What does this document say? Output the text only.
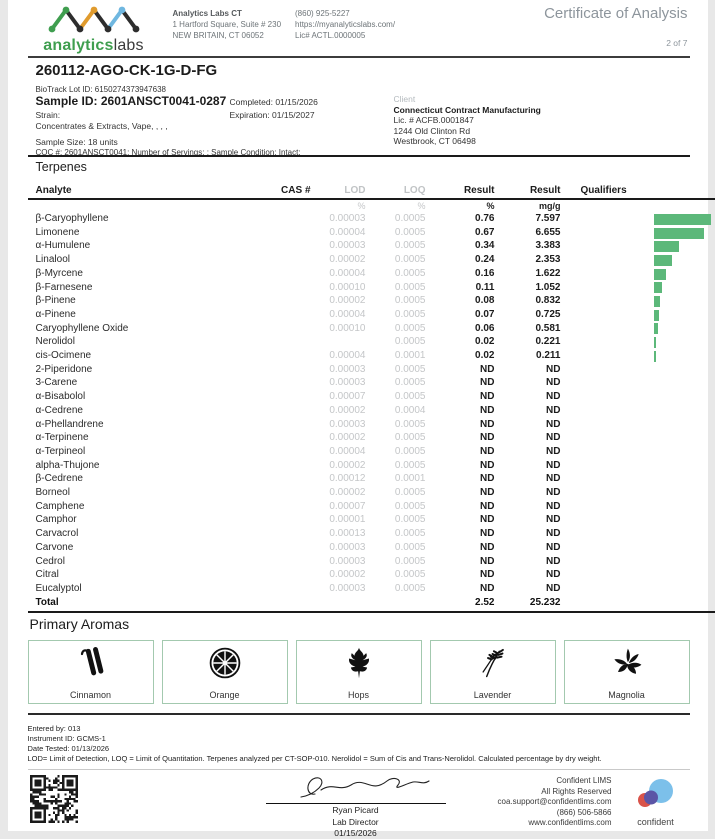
analyticslabs
Analytics Labs CT
1 Hartford Square, Suite # 230
NEW BRITAIN, CT 06052
(860) 925-5227
https://myanalyticslabs.com/
Lic# ACTL.0000005
Certificate of Analysis
2 of 7
260112-AGO-CK-1G-D-FG
BioTrack Lot ID: 6150274373947638
Sample ID: 2601ANSCT0041-0287 Completed: 01/15/2026
Expiration: 01/15/2027
Strain:
Concentrates & Extracts, Vape, , , ,
Sample Size: 18 units
COC #: 2601ANSCT0041; Number of Servings: ; Sample Condition: Intact;
Client
Connecticut Contract Manufacturing
Lic. # ACFB.0001847
1244 Old Clinton Rd
Westbrook, CT 06498
Terpenes
Analyte	CAS #	LOD	LOQ	Result	Result	Qualifiers	
		%	%	%	mg/g		
β-Caryophyllene		0.00003	0.0005	0.76	7.597		

Limonene		0.00004	0.0005	0.67	6.655		

α-Humulene		0.00003	0.0005	0.34	3.383		

Linalool		0.00002	0.0005	0.24	2.353		

β-Myrcene		0.00004	0.0005	0.16	1.622		

β-Farnesene		0.00010	0.0005	0.11	1.052		

β-Pinene		0.00002	0.0005	0.08	0.832		

α-Pinene		0.00004	0.0005	0.07	0.725		

Caryophyllene Oxide		0.00010	0.0005	0.06	0.581		

Nerolidol			0.0005	0.02	0.221		

cis-Ocimene		0.00004	0.0001	0.02	0.211		

2-Piperidone		0.00003	0.0005	ND	ND		
3-Carene		0.00003	0.0005	ND	ND		
α-Bisabolol		0.00007	0.0005	ND	ND		
α-Cedrene		0.00002	0.0004	ND	ND		
α-Phellandrene		0.00003	0.0005	ND	ND		
α-Terpinene		0.00002	0.0005	ND	ND		
α-Terpineol		0.00004	0.0005	ND	ND		
alpha-Thujone		0.00002	0.0005	ND	ND		
β-Cedrene		0.00012	0.0001	ND	ND		
Borneol		0.00002	0.0005	ND	ND		
Camphene		0.00007	0.0005	ND	ND		
Camphor		0.00001	0.0005	ND	ND		
Carvacrol		0.00013	0.0005	ND	ND		
Carvone		0.00003	0.0005	ND	ND		
Cedrol		0.00003	0.0005	ND	ND		
Citral		0.00002	0.0005	ND	ND		
Eucalyptol		0.00003	0.0005	ND	ND		
Total				2.52	25.232		
Primary Aromas
Cinnamon	Orange	Hops	Lavender	Magnolia
Entered by: 013
Instrument ID: GCMS-1
Date Tested: 01/13/2026
LOD= Limit of Detection, LOQ = Limit of Quantitation. Terpenes analyzed per CT-SOP-010. Nerolidol = Sum of Cis and Trans-Nerolidol. Calculated percentage by dry weight.
Ryan Picard
Lab Director
01/15/2026
Confident LIMS
All Rights Reserved
coa.support@confidentlims.com
(866) 506-5866
www.confidentlims.com	confident
